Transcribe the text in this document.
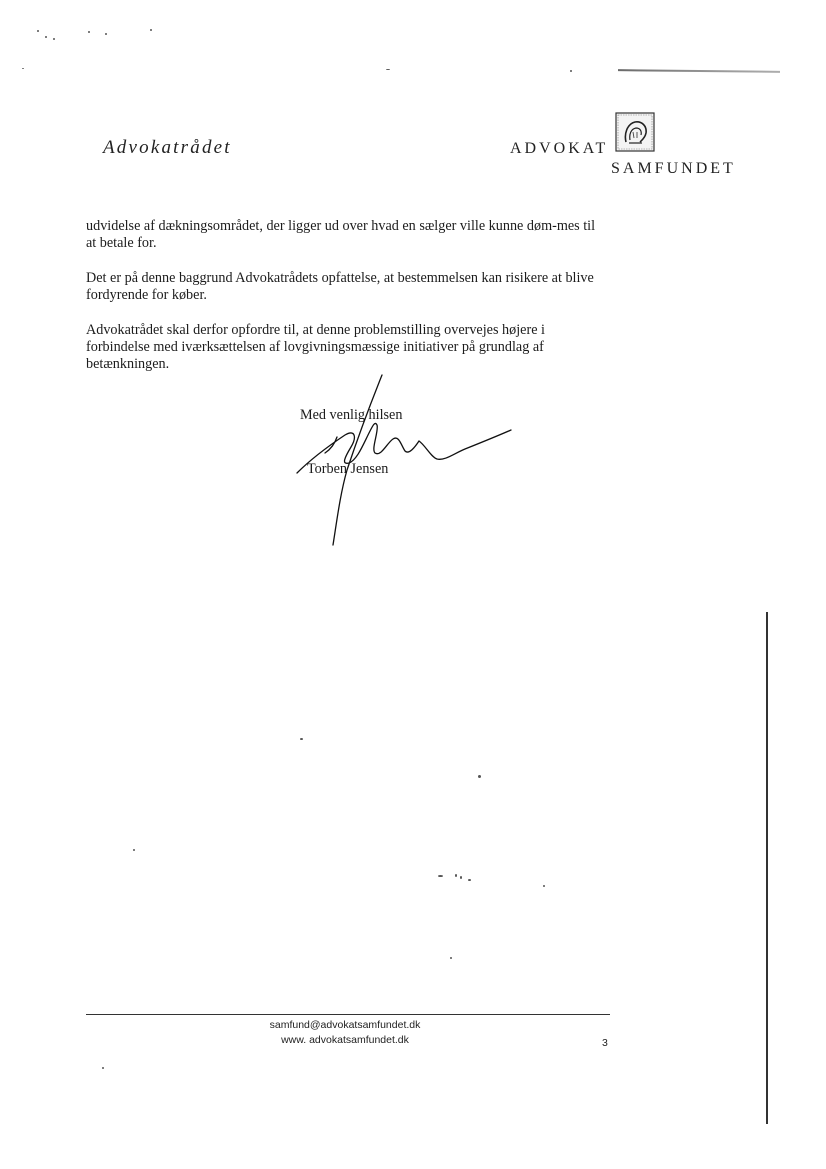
Advokatrådet	ADVOKAT
SAMFUNDET

udvidelse af dækningsområdet, der ligger ud over hvad en sælger ville kunne døm-mes til at betale for.

Det er på denne baggrund Advokatrådets opfattelse, at bestemmelsen kan risikere at blive fordyrende for køber.

Advokatrådet skal derfor opfordre til, at denne problemstilling overvejes højere i forbindelse med iværksættelsen af lovgivningsmæssige initiativer på grundlag af betænkningen.

Med venlig hilsen
Torben Jensen
samfund@advokatsamfundet.dk
www. advokatsamfundet.dk	3
